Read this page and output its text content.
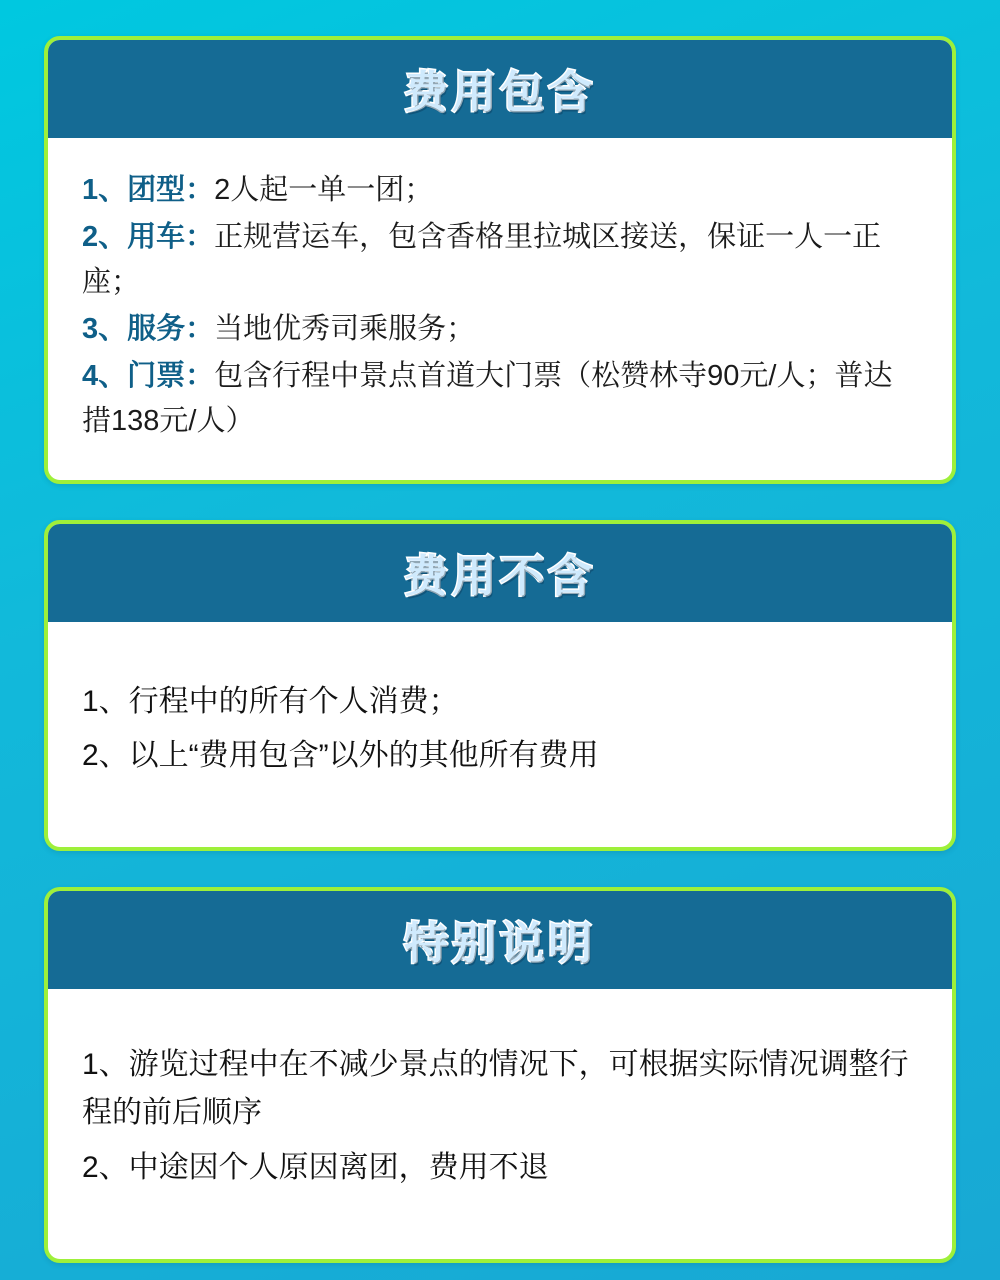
费用包含

1、团型：2人起一单一团；

2、用车：正规营运车，包含香格里拉城区接送，保证一人一正座；

3、服务：当地优秀司乘服务；

4、门票：包含行程中景点首道大门票（松赞林寺90元/人；普达措138元/人）

费用不含

1、行程中的所有个人消费；

2、以上“费用包含”以外的其他所有费用

特别说明

1、游览过程中在不减少景点的情况下，可根据实际情况调整行程的前后顺序

2、中途因个人原因离团，费用不退
